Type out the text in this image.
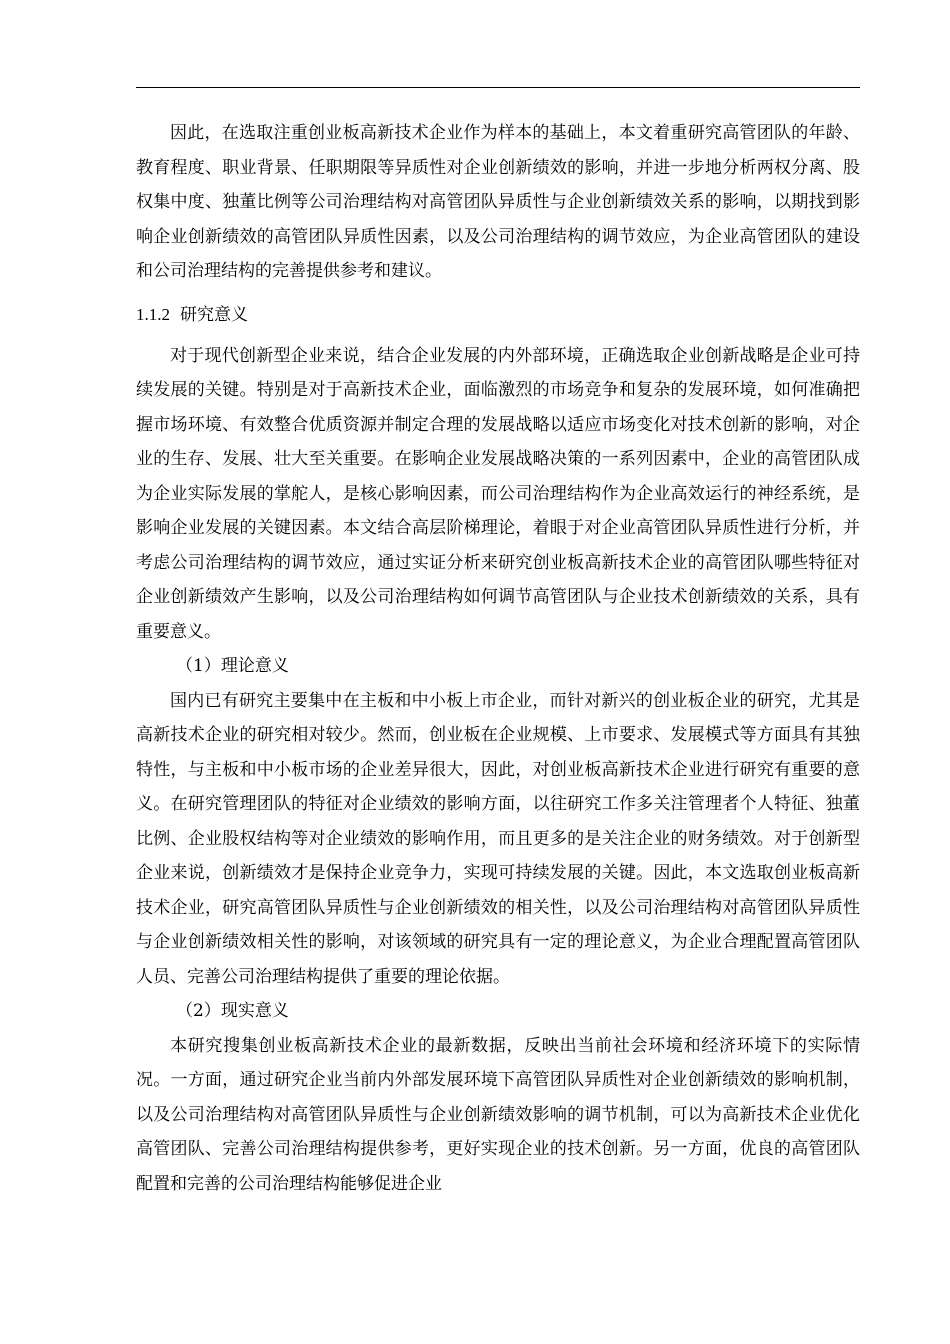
因此，在选取注重创业板高新技术企业作为样本的基础上，本文着重研究高管团队的年龄、教育程度、职业背景、任职期限等异质性对企业创新绩效的影响，并进一步地分析两权分离、股权集中度、独董比例等公司治理结构对高管团队异质性与企业创新绩效关系的影响，以期找到影响企业创新绩效的高管团队异质性因素，以及公司治理结构的调节效应，为企业高管团队的建设和公司治理结构的完善提供参考和建议。

1.1.2 研究意义

对于现代创新型企业来说，结合企业发展的内外部环境，正确选取企业创新战略是企业可持续发展的关键。特别是对于高新技术企业，面临激烈的市场竞争和复杂的发展环境，如何准确把握市场环境、有效整合优质资源并制定合理的发展战略以适应市场变化对技术创新的影响，对企业的生存、发展、壮大至关重要。在影响企业发展战略决策的一系列因素中，企业的高管团队成为企业实际发展的掌舵人，是核心影响因素，而公司治理结构作为企业高效运行的神经系统，是影响企业发展的关键因素。本文结合高层阶梯理论，着眼于对企业高管团队异质性进行分析，并考虑公司治理结构的调节效应，通过实证分析来研究创业板高新技术企业的高管团队哪些特征对企业创新绩效产生影响，以及公司治理结构如何调节高管团队与企业技术创新绩效的关系，具有重要意义。

（1）理论意义

国内已有研究主要集中在主板和中小板上市企业，而针对新兴的创业板企业的研究，尤其是高新技术企业的研究相对较少。然而，创业板在企业规模、上市要求、发展模式等方面具有其独特性，与主板和中小板市场的企业差异很大，因此，对创业板高新技术企业进行研究有重要的意义。在研究管理团队的特征对企业绩效的影响方面，以往研究工作多关注管理者个人特征、独董比例、企业股权结构等对企业绩效的影响作用，而且更多的是关注企业的财务绩效。对于创新型企业来说，创新绩效才是保持企业竞争力，实现可持续发展的关键。因此，本文选取创业板高新技术企业，研究高管团队异质性与企业创新绩效的相关性，以及公司治理结构对高管团队异质性与企业创新绩效相关性的影响，对该领域的研究具有一定的理论意义，为企业合理配置高管团队人员、完善公司治理结构提供了重要的理论依据。

（2）现实意义

本研究搜集创业板高新技术企业的最新数据，反映出当前社会环境和经济环境下的实际情况。一方面，通过研究企业当前内外部发展环境下高管团队异质性对企业创新绩效的影响机制，以及公司治理结构对高管团队异质性与企业创新绩效影响的调节机制，可以为高新技术企业优化高管团队、完善公司治理结构提供参考，更好实现企业的技术创新。另一方面，优良的高管团队配置和完善的公司治理结构能够促进企业
